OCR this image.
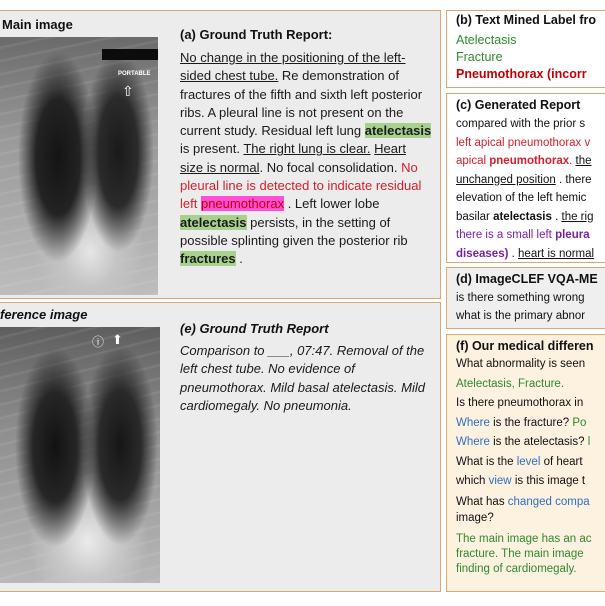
Main image
PORTABLE
⇧
(a) Ground Truth Report:
No change in the positioning of the left-sided chest tube. Re demonstration of fractures of the fifth and sixth left posterior ribs. A pleural line is not present on the current study. Residual left lung atelectasis is present. The right lung is clear. Heart size is normal. No focal consolidation. No pleural line is detected to indicate residual left pneumothorax . Left lower lobe atelectasis persists, in the setting of possible splinting given the posterior rib fractures .
ference image
ⓘ ⬆
(e) Ground Truth Report
Comparison to ___, 07:47. Removal of the left chest tube. No evidence of pneumothorax. Mild basal atelectasis. Mild cardiomegaly. No pneumonia.
(b) Text Mined Label fro
Atelectasis
Fracture
Pneumothorax (incorr
(c) Generated Report
compared with the prior s
left apical pneumothorax v
apical pneumothorax. the
unchanged position . there
elevation of the left hemic
basilar atelectasis . the rig
there is a small left pleura
diseases) . heart is normal
(d) ImageCLEF VQA-ME
is there something wrong
what is the primary abnor
(f) Our medical differen
What abnormality is seen
Atelectasis, Fracture.
Is there pneumothorax in
Where is the fracture? Po
Where is the atelectasis? l
What is the level of heart
which view is this image t
What has changed compa
image?
The main image has an ac
fracture. The main image
finding of cardiomegaly.
